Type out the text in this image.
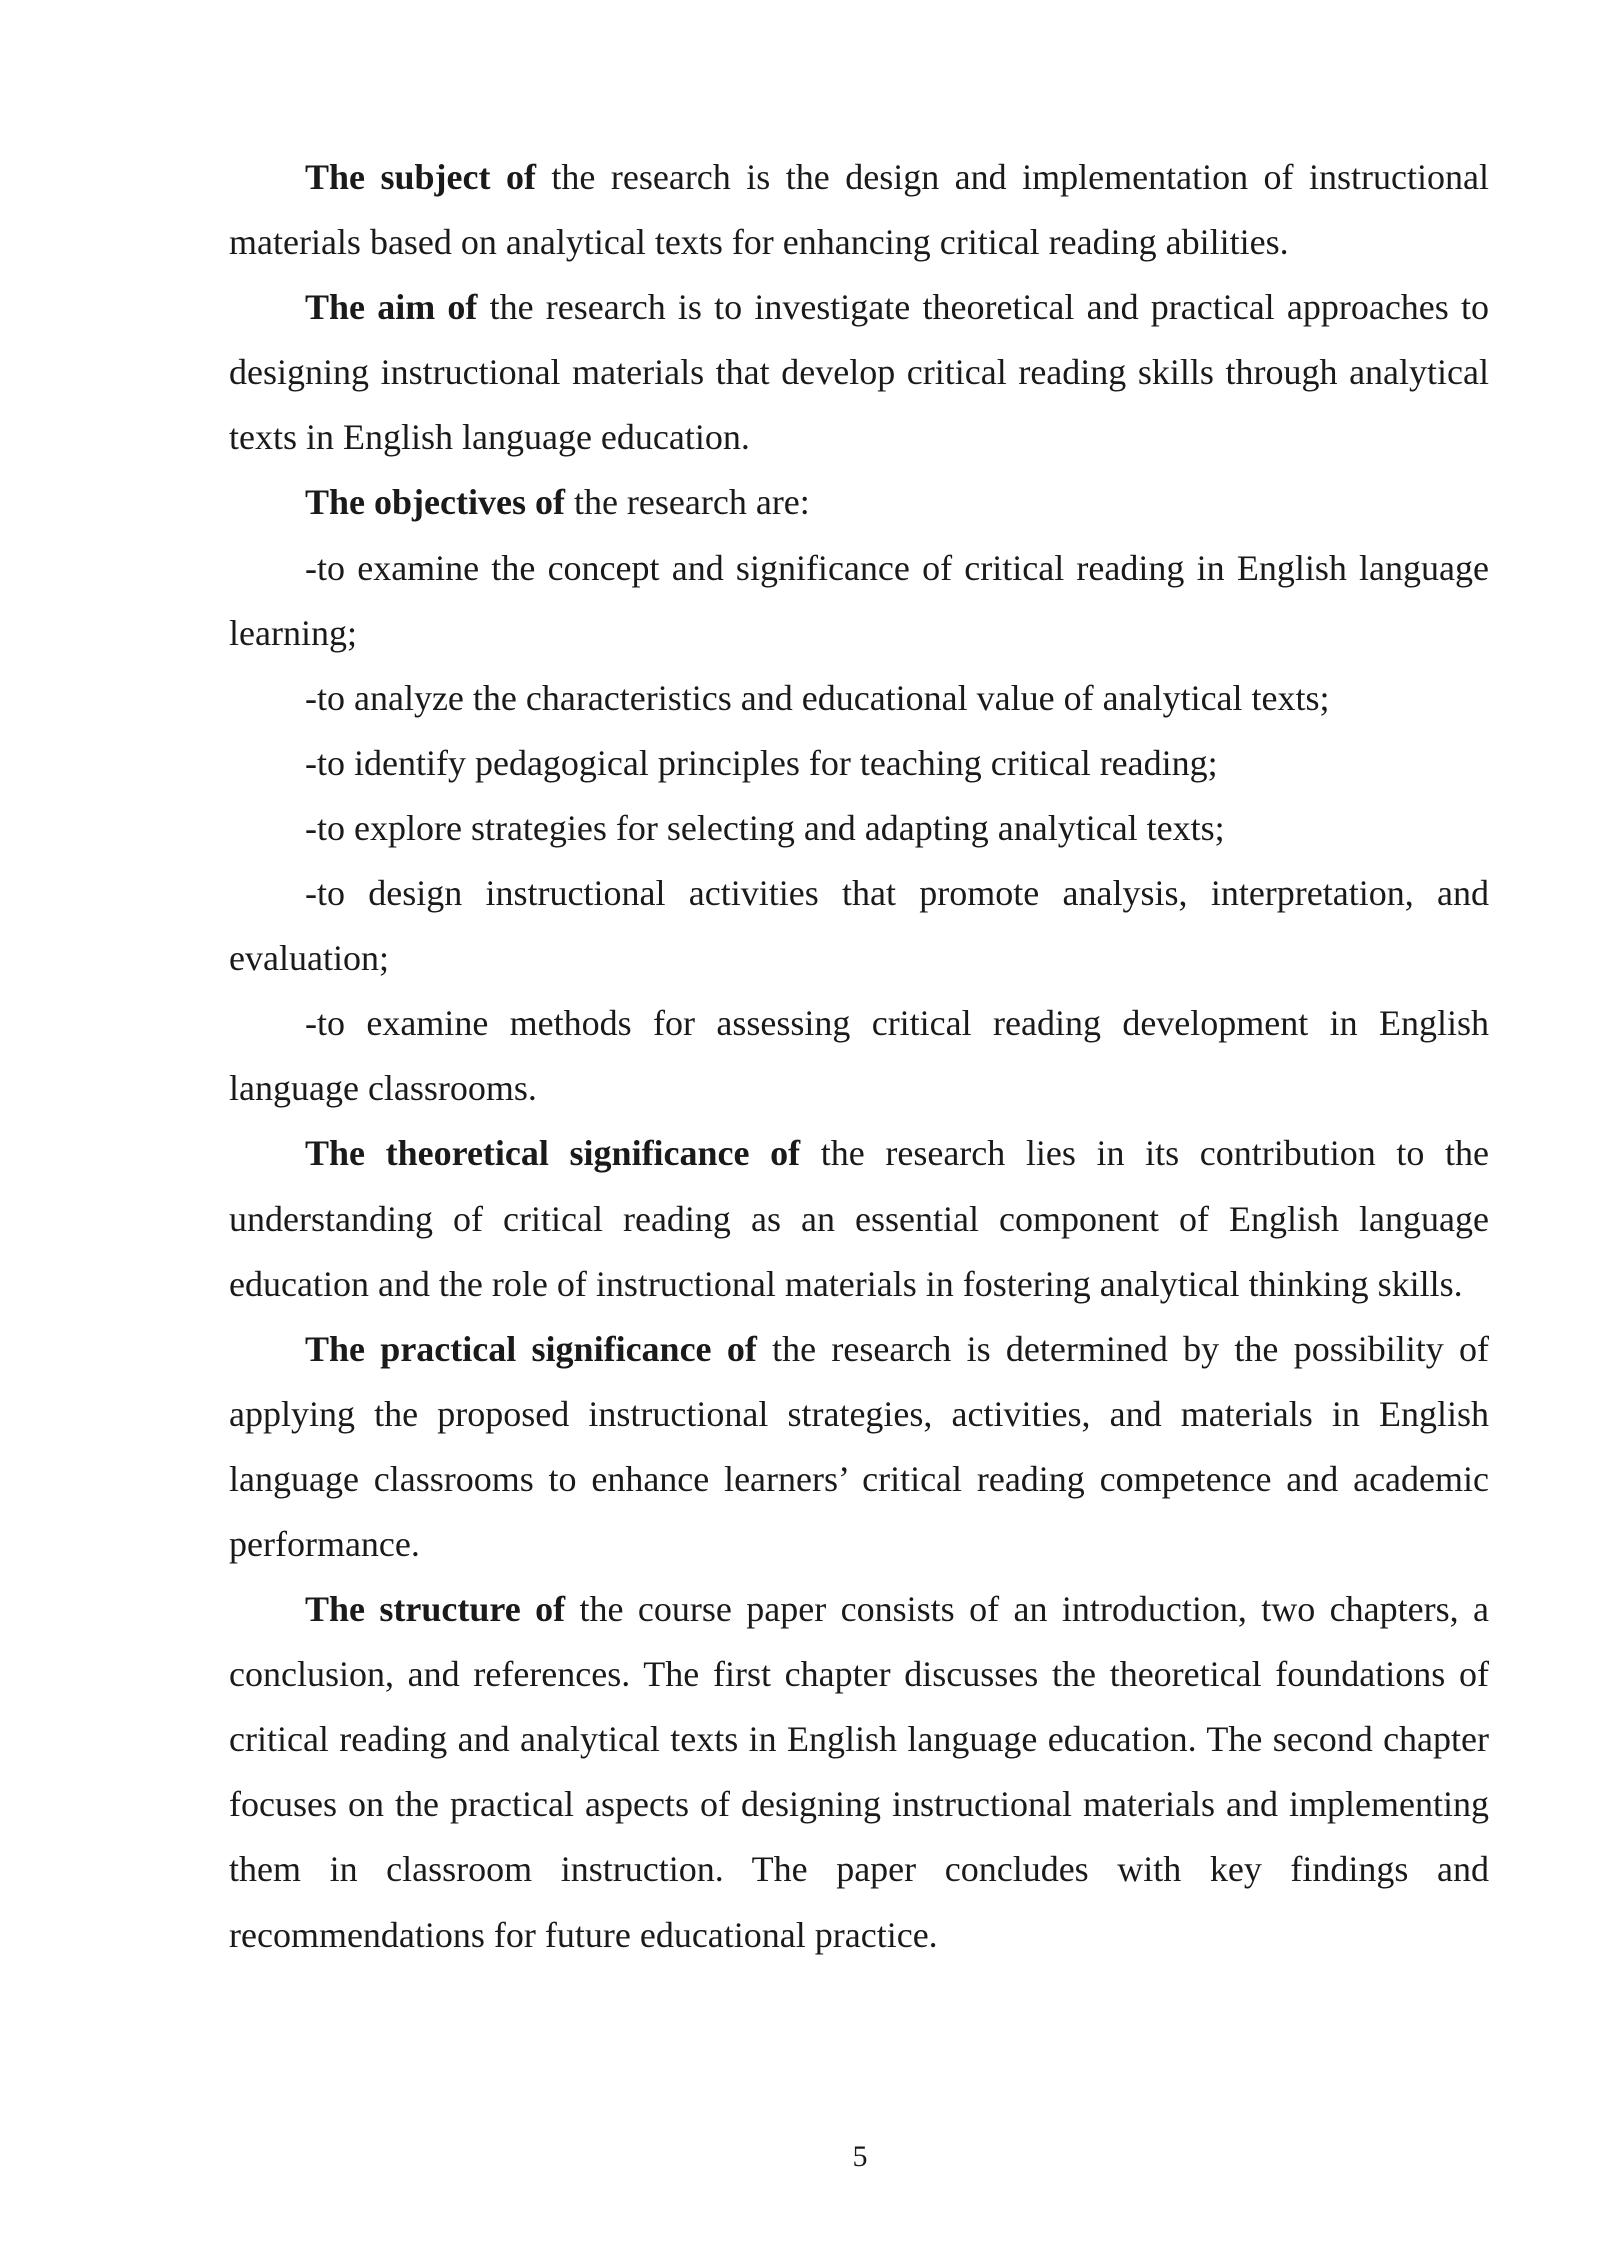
The subject of the research is the design and implementation of instructional materials based on analytical texts for enhancing critical reading abilities.

The aim of the research is to investigate theoretical and practical approaches to designing instructional materials that develop critical reading skills through analytical texts in English language education.

The objectives of the research are:

-to examine the concept and significance of critical reading in English language learning;

-to analyze the characteristics and educational value of analytical texts;

-to identify pedagogical principles for teaching critical reading;

-to explore strategies for selecting and adapting analytical texts;

-to design instructional activities that promote analysis, interpretation, and evaluation;

-to examine methods for assessing critical reading development in English language classrooms.

The theoretical significance of the research lies in its contribution to the understanding of critical reading as an essential component of English language education and the role of instructional materials in fostering analytical thinking skills.

The practical significance of the research is determined by the possibility of applying the proposed instructional strategies, activities, and materials in English language classrooms to enhance learners’ critical reading competence and academic performance.

The structure of the course paper consists of an introduction, two chapters, a conclusion, and references. The first chapter discusses the theoretical foundations of critical reading and analytical texts in English language education. The second chapter focuses on the practical aspects of designing instructional materials and implementing them in classroom instruction. The paper concludes with key findings and recommendations for future educational practice.

5
